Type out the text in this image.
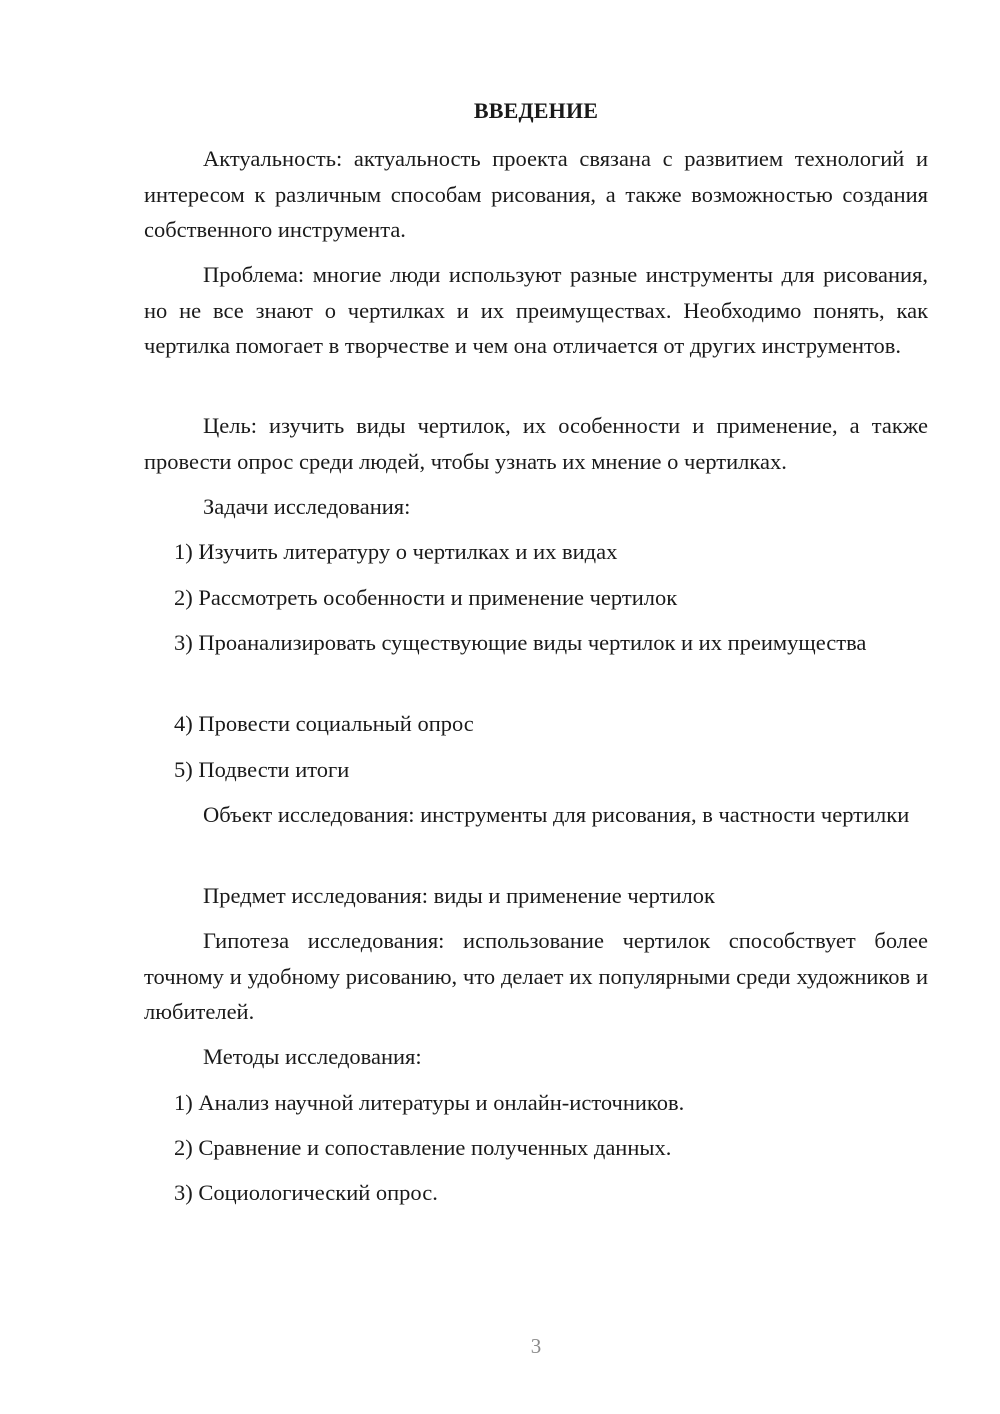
ВВЕДЕНИЕ

Актуальность: актуальность проекта связана с развитием технологий и интересом к различным способам рисования, а также возможностью создания собственного инструмента.

Проблема: многие люди используют разные инструменты для рисования, но не все знают о чертилках и их преимуществах. Необходимо понять, как чертилка помогает в творчестве и чем она отличается от других инструментов.

Цель: изучить виды чертилок, их особенности и применение, а также провести опрос среди людей, чтобы узнать их мнение о чертилках.

Задачи исследования:

1) Изучить литературу о чертилках и их видах

2) Рассмотреть особенности и применение чертилок

3) Проанализировать существующие виды чертилок и их преимущества

4) Провести социальный опрос

5) Подвести итоги

Объект исследования: инструменты для рисования, в частности чертилки

Предмет исследования: виды и применение чертилок

Гипотеза исследования: использование чертилок способствует более точному и удобному рисованию, что делает их популярными среди художников и любителей.

Методы исследования:

1) Анализ научной литературы и онлайн-источников.

2) Сравнение и сопоставление полученных данных.

3) Социологический опрос.

3
